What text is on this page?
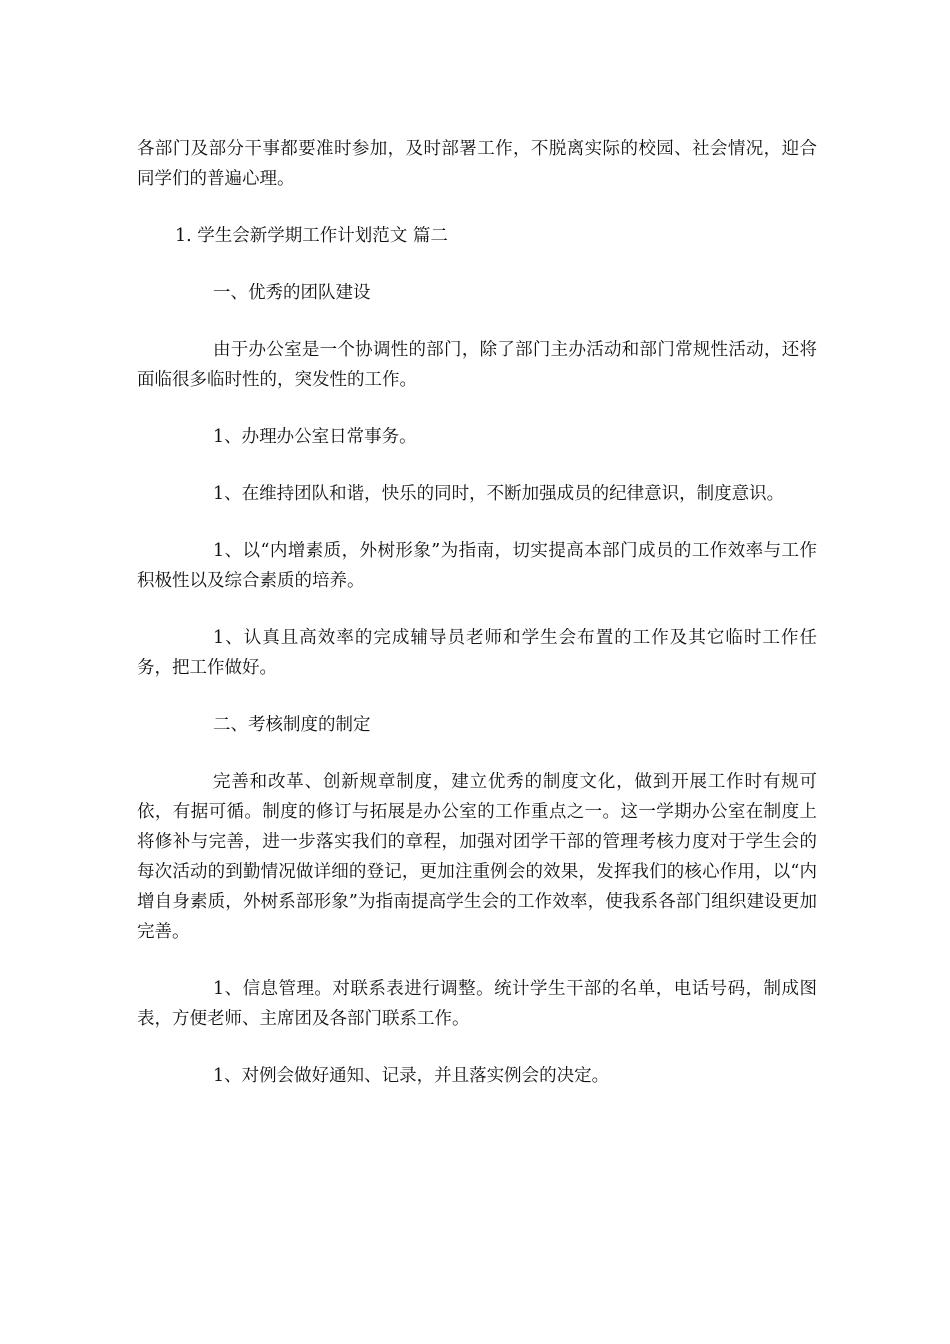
各部门及部分干事都要准时参加，及时部署工作，不脱离实际的校园、社会情况，迎合同学们的普遍心理。

1. 学生会新学期工作计划范文 篇二

一、优秀的团队建设

由于办公室是一个协调性的部门，除了部门主办活动和部门常规性活动，还将面临很多临时性的，突发性的工作。

1、办理办公室日常事务。

1、在维持团队和谐，快乐的同时，不断加强成员的纪律意识，制度意识。

1、以“内增素质，外树形象”为指南，切实提高本部门成员的工作效率与工作积极性以及综合素质的培养。

1、认真且高效率的完成辅导员老师和学生会布置的工作及其它临时工作任务，把工作做好。

二、考核制度的制定

完善和改革、创新规章制度，建立优秀的制度文化，做到开展工作时有规可依，有据可循。制度的修订与拓展是办公室的工作重点之一。这一学期办公室在制度上将修补与完善，进一步落实我们的章程，加强对团学干部的管理考核力度对于学生会的每次活动的到勤情况做详细的登记，更加注重例会的效果，发挥我们的核心作用，以“内增自身素质，外树系部形象”为指南提高学生会的工作效率，使我系各部门组织建设更加完善。

1、信息管理。对联系表进行调整。统计学生干部的名单，电话号码，制成图表，方便老师、主席团及各部门联系工作。

1、对例会做好通知、记录，并且落实例会的决定。
